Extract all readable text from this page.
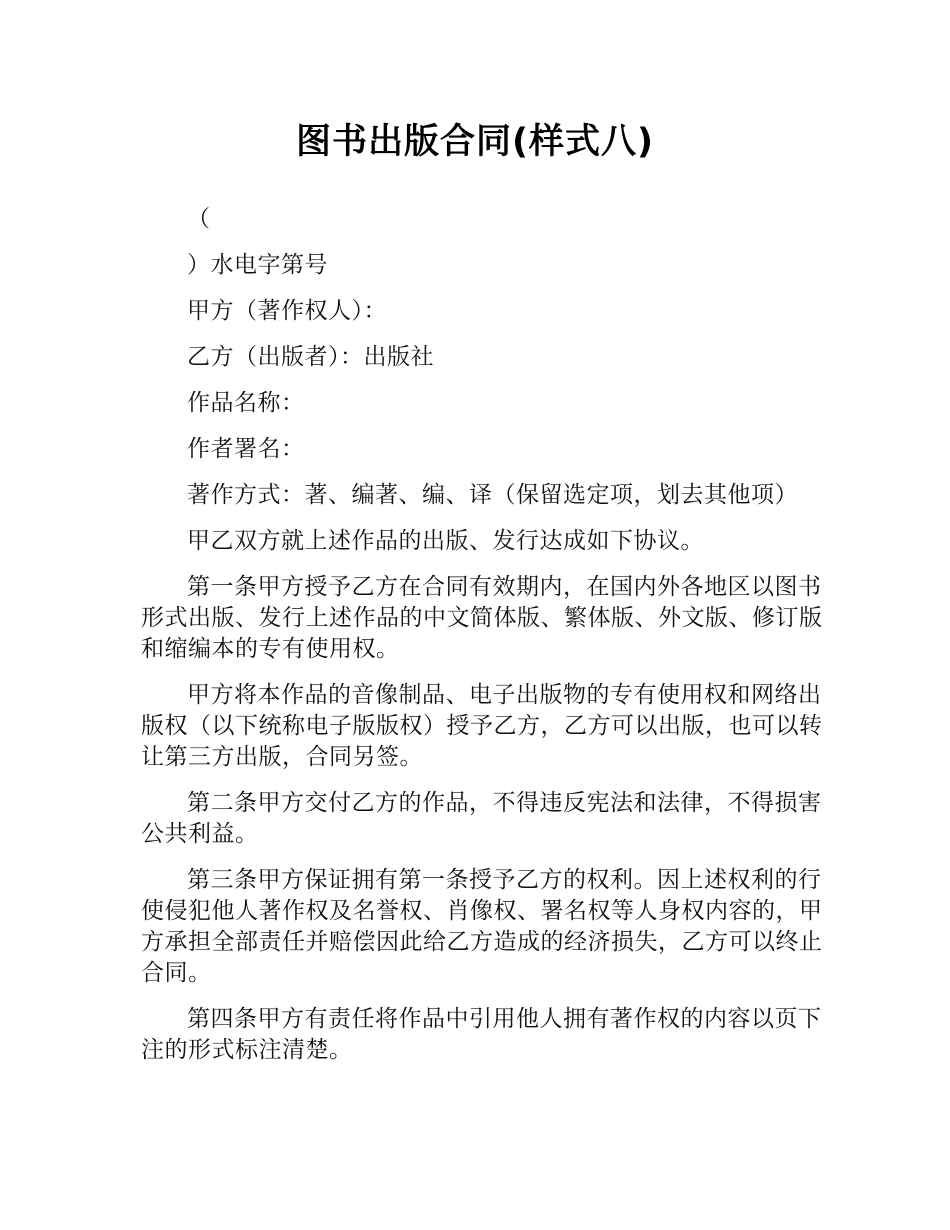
图书出版合同(样式八)

（

）水电字第号

甲方（著作权人）：

乙方（出版者）：出版社

作品名称：

作者署名：

著作方式：著、编著、编、译（保留选定项，划去其他项）

甲乙双方就上述作品的出版、发行达成如下协议。

第一条甲方授予乙方在合同有效期内，在国内外各地区以图书形式出版、发行上述作品的中文简体版、繁体版、外文版、修订版和缩编本的专有使用权。

甲方将本作品的音像制品、电子出版物的专有使用权和网络出版权（以下统称电子版版权）授予乙方，乙方可以出版，也可以转让第三方出版，合同另签。

第二条甲方交付乙方的作品，不得违反宪法和法律，不得损害公共利益。

第三条甲方保证拥有第一条授予乙方的权利。因上述权利的行使侵犯他人著作权及名誉权、肖像权、署名权等人身权内容的，甲方承担全部责任并赔偿因此给乙方造成的经济损失，乙方可以终止合同。

第四条甲方有责任将作品中引用他人拥有著作权的内容以页下注的形式标注清楚。
